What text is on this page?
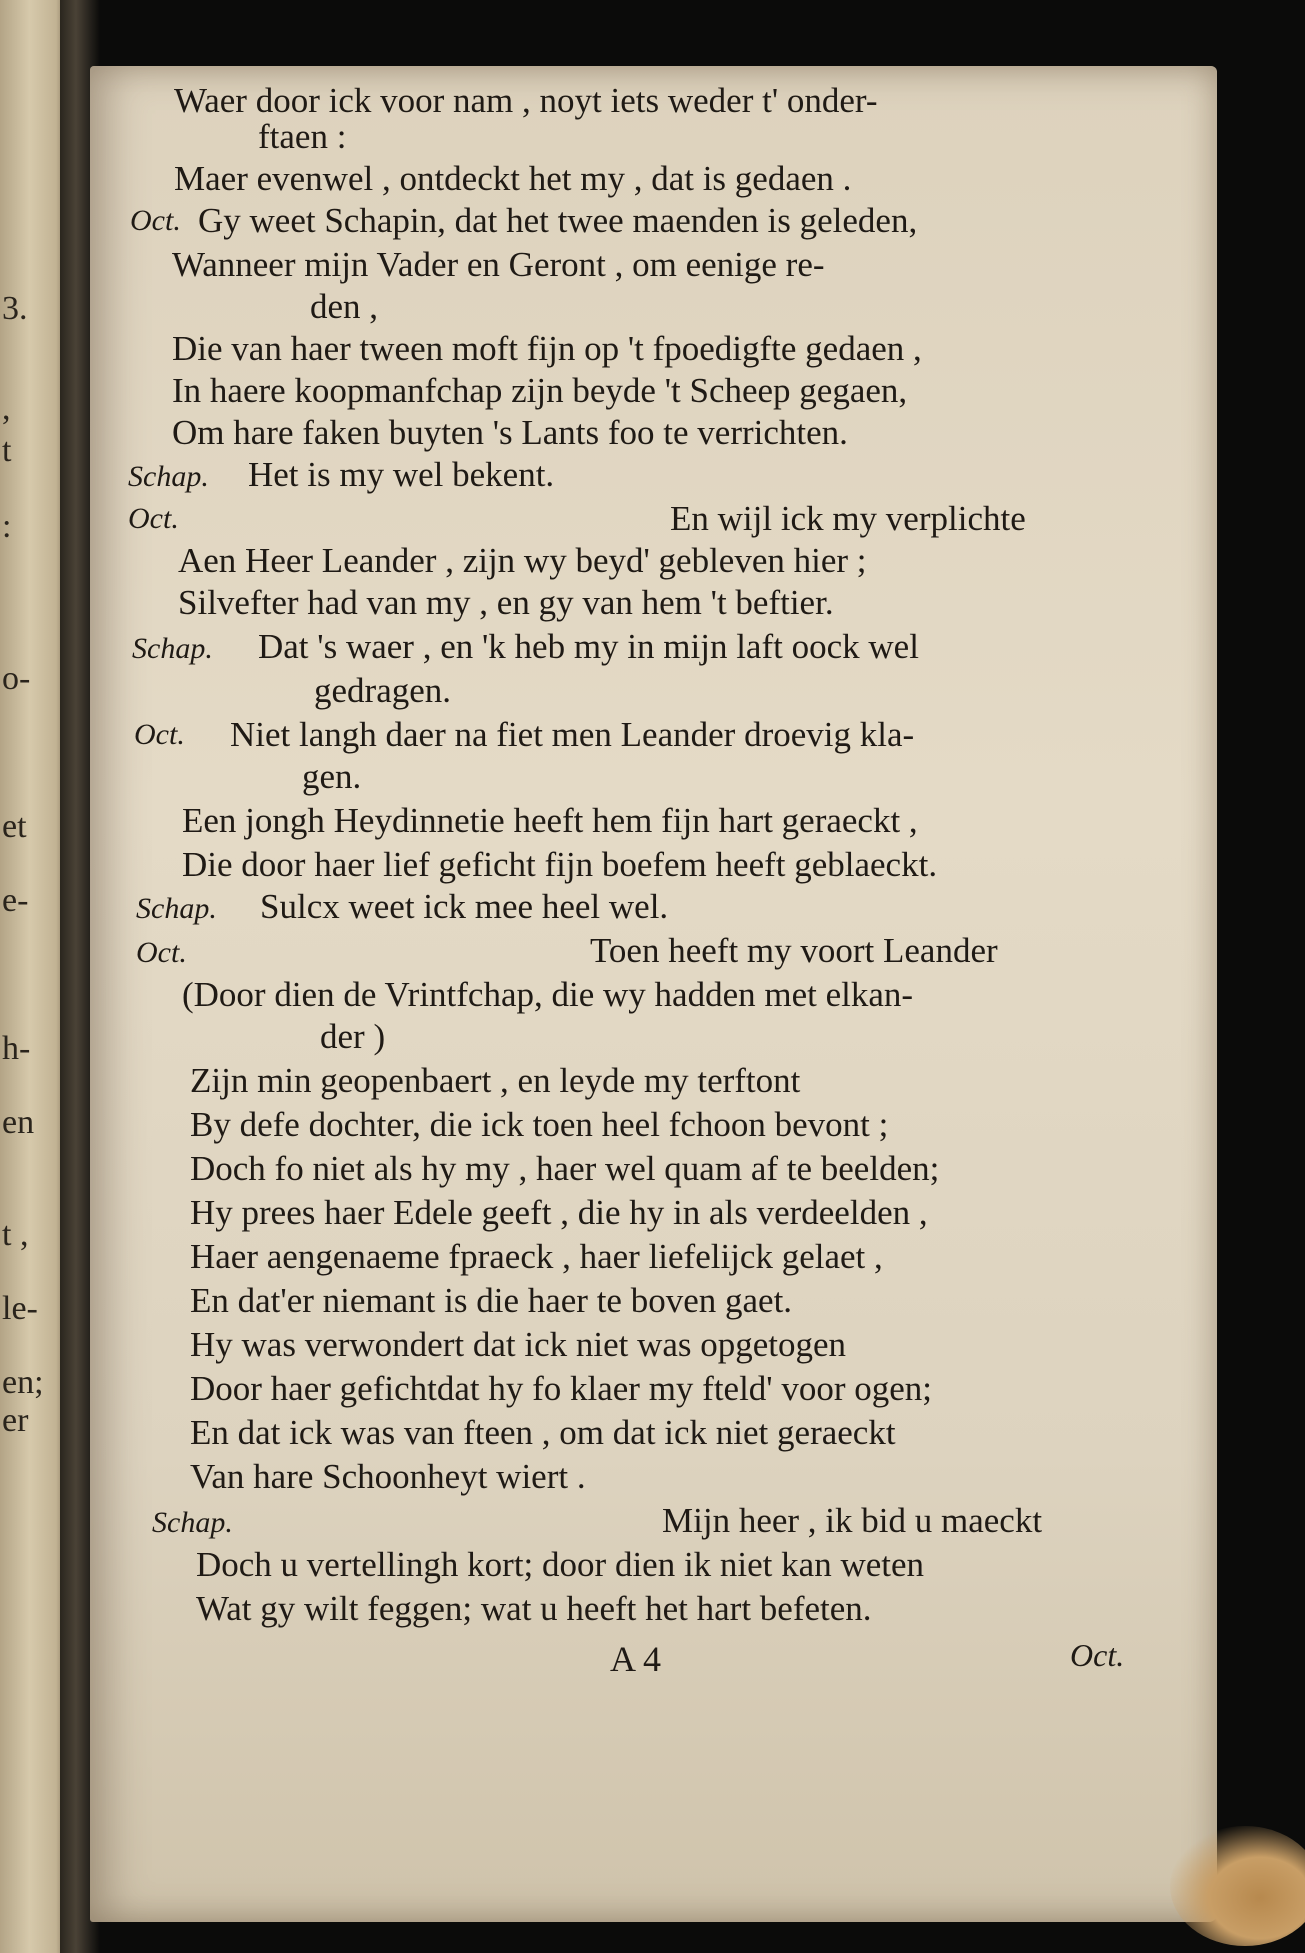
3.
,
t
:
o-
et
e-
h-
en
t ,
le-
en;
er
Waer door ick voor nam , noyt iets weder t' onder-
ftaen :
Maer evenwel , ontdeckt het my , dat is gedaen .
Oct. Gy weet Schapin, dat het twee maenden is geleden,
Wanneer mijn Vader en Geront , om eenige re-
den ,
Die van haer tween moft fijn op 't fpoedigfte gedaen ,
In haere koopmanfchap zijn beyde 't Scheep gegaen,
Om hare faken buyten 's Lants foo te verrichten.
Schap. Het is my wel bekent.
Oct.	En wijl ick my verplichte
Aen Heer Leander , zijn wy beyd' gebleven hier ;
Silvefter had van my , en gy van hem 't beftier.
Schap. Dat 's waer , en 'k heb my in mijn laft oock wel
gedragen.
Oct. Niet langh daer na fiet men Leander droevig kla-
gen.
Een jongh Heydinnetie heeft hem fijn hart geraeckt ,
Die door haer lief geficht fijn boefem heeft geblaeckt.
Schap. Sulcx weet ick mee heel wel.
Oct.	Toen heeft my voort Leander
(Door dien de Vrintfchap, die wy hadden met elkan-
der )
Zijn min geopenbaert , en leyde my terftont
By defe dochter, die ick toen heel fchoon bevont ;
Doch fo niet als hy my , haer wel quam af te beelden;
Hy prees haer Edele geeft , die hy in als verdeelden ,
Haer aengenaeme fpraeck , haer liefelijck gelaet ,
En dat'er niemant is die haer te boven gaet.
Hy was verwondert dat ick niet was opgetogen
Door haer gefichtdat hy fo klaer my fteld' voor ogen;
En dat ick was van fteen , om dat ick niet geraeckt
Van hare Schoonheyt wiert .
Schap.	Mijn heer , ik bid u maeckt
Doch u vertellingh kort; door dien ik niet kan weten
Wat gy wilt feggen; wat u heeft het hart befeten.
A 4	Oct.
